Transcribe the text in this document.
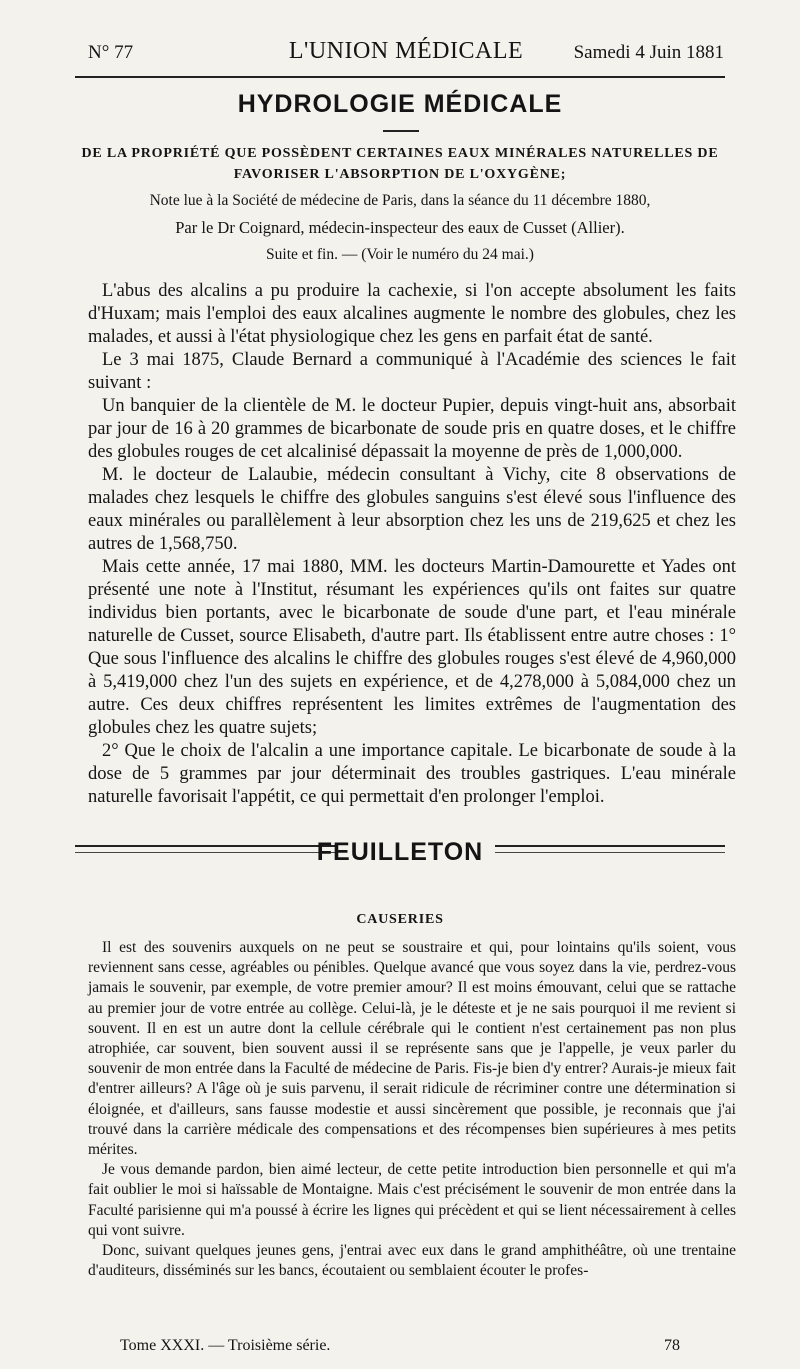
N° 77	L'UNION MÉDICALE	Samedi 4 Juin 1881
HYDROLOGIE MÉDICALE
DE LA PROPRIÉTÉ QUE POSSÈDENT CERTAINES EAUX MINÉRALES NATURELLES DE
FAVORISER L'ABSORPTION DE L'OXYGÈNE;
Note lue à la Société de médecine de Paris, dans la séance du 11 décembre 1880,
Par le Dr Coignard, médecin-inspecteur des eaux de Cusset (Allier).
Suite et fin. — (Voir le numéro du 24 mai.)

L'abus des alcalins a pu produire la cachexie, si l'on accepte absolument les faits d'Huxam; mais l'emploi des eaux alcalines augmente le nombre des globules, chez les malades, et aussi à l'état physiologique chez les gens en parfait état de santé.

Le 3 mai 1875, Claude Bernard a communiqué à l'Académie des sciences le fait suivant :

Un banquier de la clientèle de M. le docteur Pupier, depuis vingt-huit ans, absorbait par jour de 16 à 20 grammes de bicarbonate de soude pris en quatre doses, et le chiffre des globules rouges de cet alcalinisé dépassait la moyenne de près de 1,000,000.

M. le docteur de Lalaubie, médecin consultant à Vichy, cite 8 observations de malades chez lesquels le chiffre des globules sanguins s'est élevé sous l'influence des eaux minérales ou parallèlement à leur absorption chez les uns de 219,625 et chez les autres de 1,568,750.

Mais cette année, 17 mai 1880, MM. les docteurs Martin-Damourette et Yades ont présenté une note à l'Institut, résumant les expériences qu'ils ont faites sur quatre individus bien portants, avec le bicarbonate de soude d'une part, et l'eau minérale naturelle de Cusset, source Elisabeth, d'autre part. Ils établissent entre autre choses : 1° Que sous l'influence des alcalins le chiffre des globules rouges s'est élevé de 4,960,000 à 5,419,000 chez l'un des sujets en expérience, et de 4,278,000 à 5,084,000 chez un autre. Ces deux chiffres représentent les limites extrêmes de l'augmentation des globules chez les quatre sujets;

2° Que le choix de l'alcalin a une importance capitale. Le bicarbonate de soude à la dose de 5 grammes par jour déterminait des troubles gastriques. L'eau minérale naturelle favorisait l'appétit, ce qui permettait d'en prolonger l'emploi.

FEUILLETON
CAUSERIES

Il est des souvenirs auxquels on ne peut se soustraire et qui, pour lointains qu'ils soient, vous reviennent sans cesse, agréables ou pénibles. Quelque avancé que vous soyez dans la vie, perdrez-vous jamais le souvenir, par exemple, de votre premier amour? Il est moins émouvant, celui que se rattache au premier jour de votre entrée au collège. Celui-là, je le déteste et je ne sais pourquoi il me revient si souvent. Il en est un autre dont la cellule cérébrale qui le contient n'est certainement pas non plus atrophiée, car souvent, bien souvent aussi il se représente sans que je l'appelle, je veux parler du souvenir de mon entrée dans la Faculté de médecine de Paris. Fis-je bien d'y entrer? Aurais-je mieux fait d'entrer ailleurs? A l'âge où je suis parvenu, il serait ridicule de récriminer contre une détermination si éloignée, et d'ailleurs, sans fausse modestie et aussi sincèrement que possible, je reconnais que j'ai trouvé dans la carrière médicale des compensations et des récompenses bien supérieures à mes petits mérites.

Je vous demande pardon, bien aimé lecteur, de cette petite introduction bien personnelle et qui m'a fait oublier le moi si haïssable de Montaigne. Mais c'est précisément le souvenir de mon entrée dans la Faculté parisienne qui m'a poussé à écrire les lignes qui précèdent et qui se lient nécessairement à celles qui vont suivre.

Donc, suivant quelques jeunes gens, j'entrai avec eux dans le grand amphithéâtre, où une trentaine d'auditeurs, disséminés sur les bancs, écoutaient ou semblaient écouter le profes-

Tome XXXI. — Troisième série.	78
